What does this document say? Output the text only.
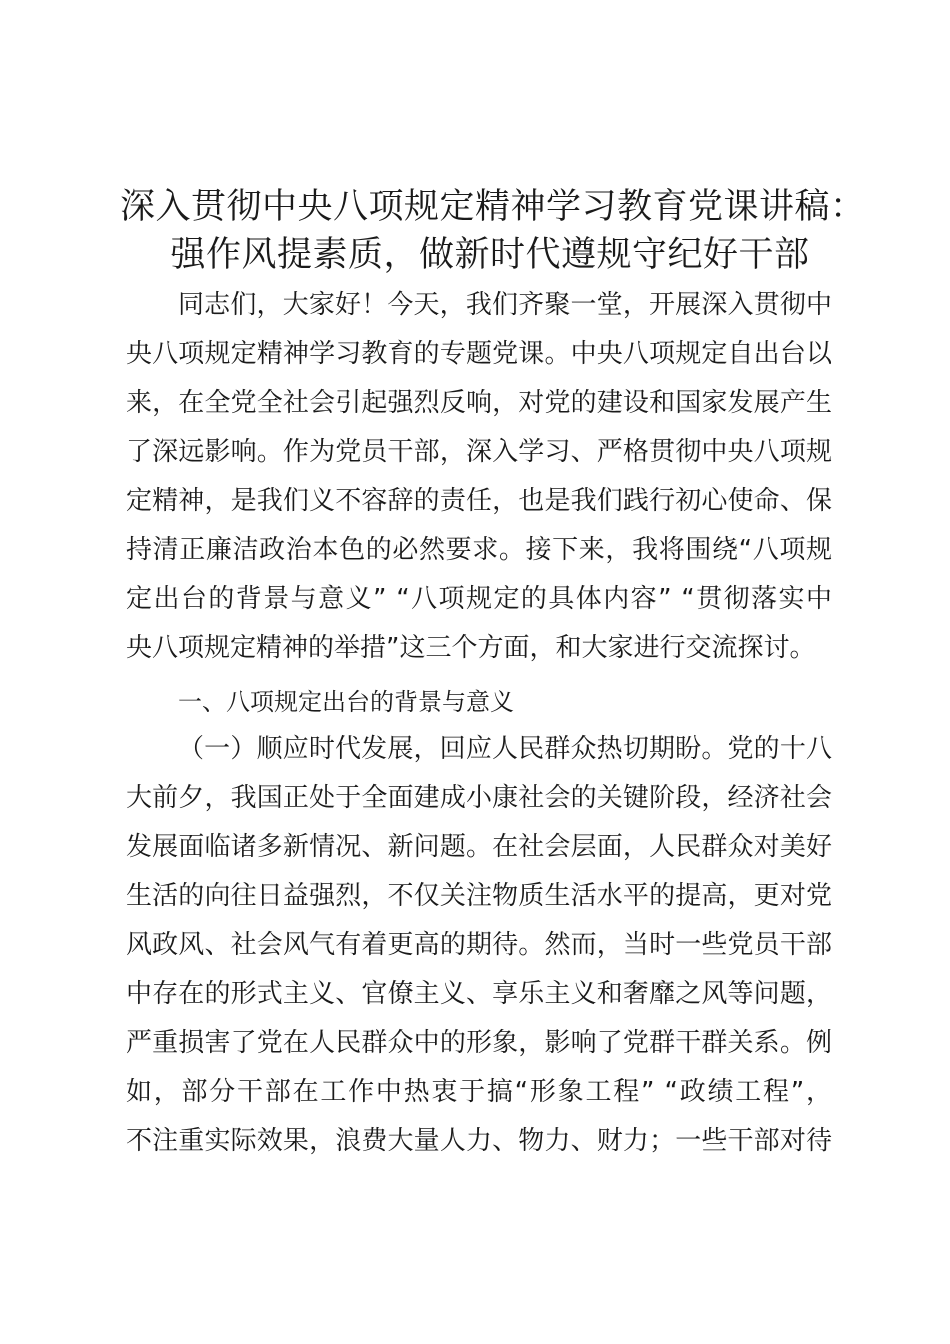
深入贯彻中央八项规定精神学习教育党课讲稿：
强作风提素质，做新时代遵规守纪好干部
同志们，大家好！今天，我们齐聚一堂，开展深入贯彻中
央八项规定精神学习教育的专题党课。中央八项规定自出台以
来，在全党全社会引起强烈反响，对党的建设和国家发展产生
了深远影响。作为党员干部，深入学习、严格贯彻中央八项规
定精神，是我们义不容辞的责任，也是我们践行初心使命、保
持清正廉洁政治本色的必然要求。接下来，我将围绕“八项规
定出台的背景与意义” “八项规定的具体内容” “贯彻落实中
央八项规定精神的举措”这三个方面，和大家进行交流探讨。
一、八项规定出台的背景与意义
（一）顺应时代发展，回应人民群众热切期盼。党的十八
大前夕，我国正处于全面建成小康社会的关键阶段，经济社会
发展面临诸多新情况、新问题。在社会层面，人民群众对美好
生活的向往日益强烈，不仅关注物质生活水平的提高，更对党
风政风、社会风气有着更高的期待。然而，当时一些党员干部
中存在的形式主义、官僚主义、享乐主义和奢靡之风等问题，
严重损害了党在人民群众中的形象，影响了党群干群关系。例
如，部分干部在工作中热衷于搞“形象工程” “政绩工程”，
不注重实际效果，浪费大量人力、物力、财力；一些干部对待
